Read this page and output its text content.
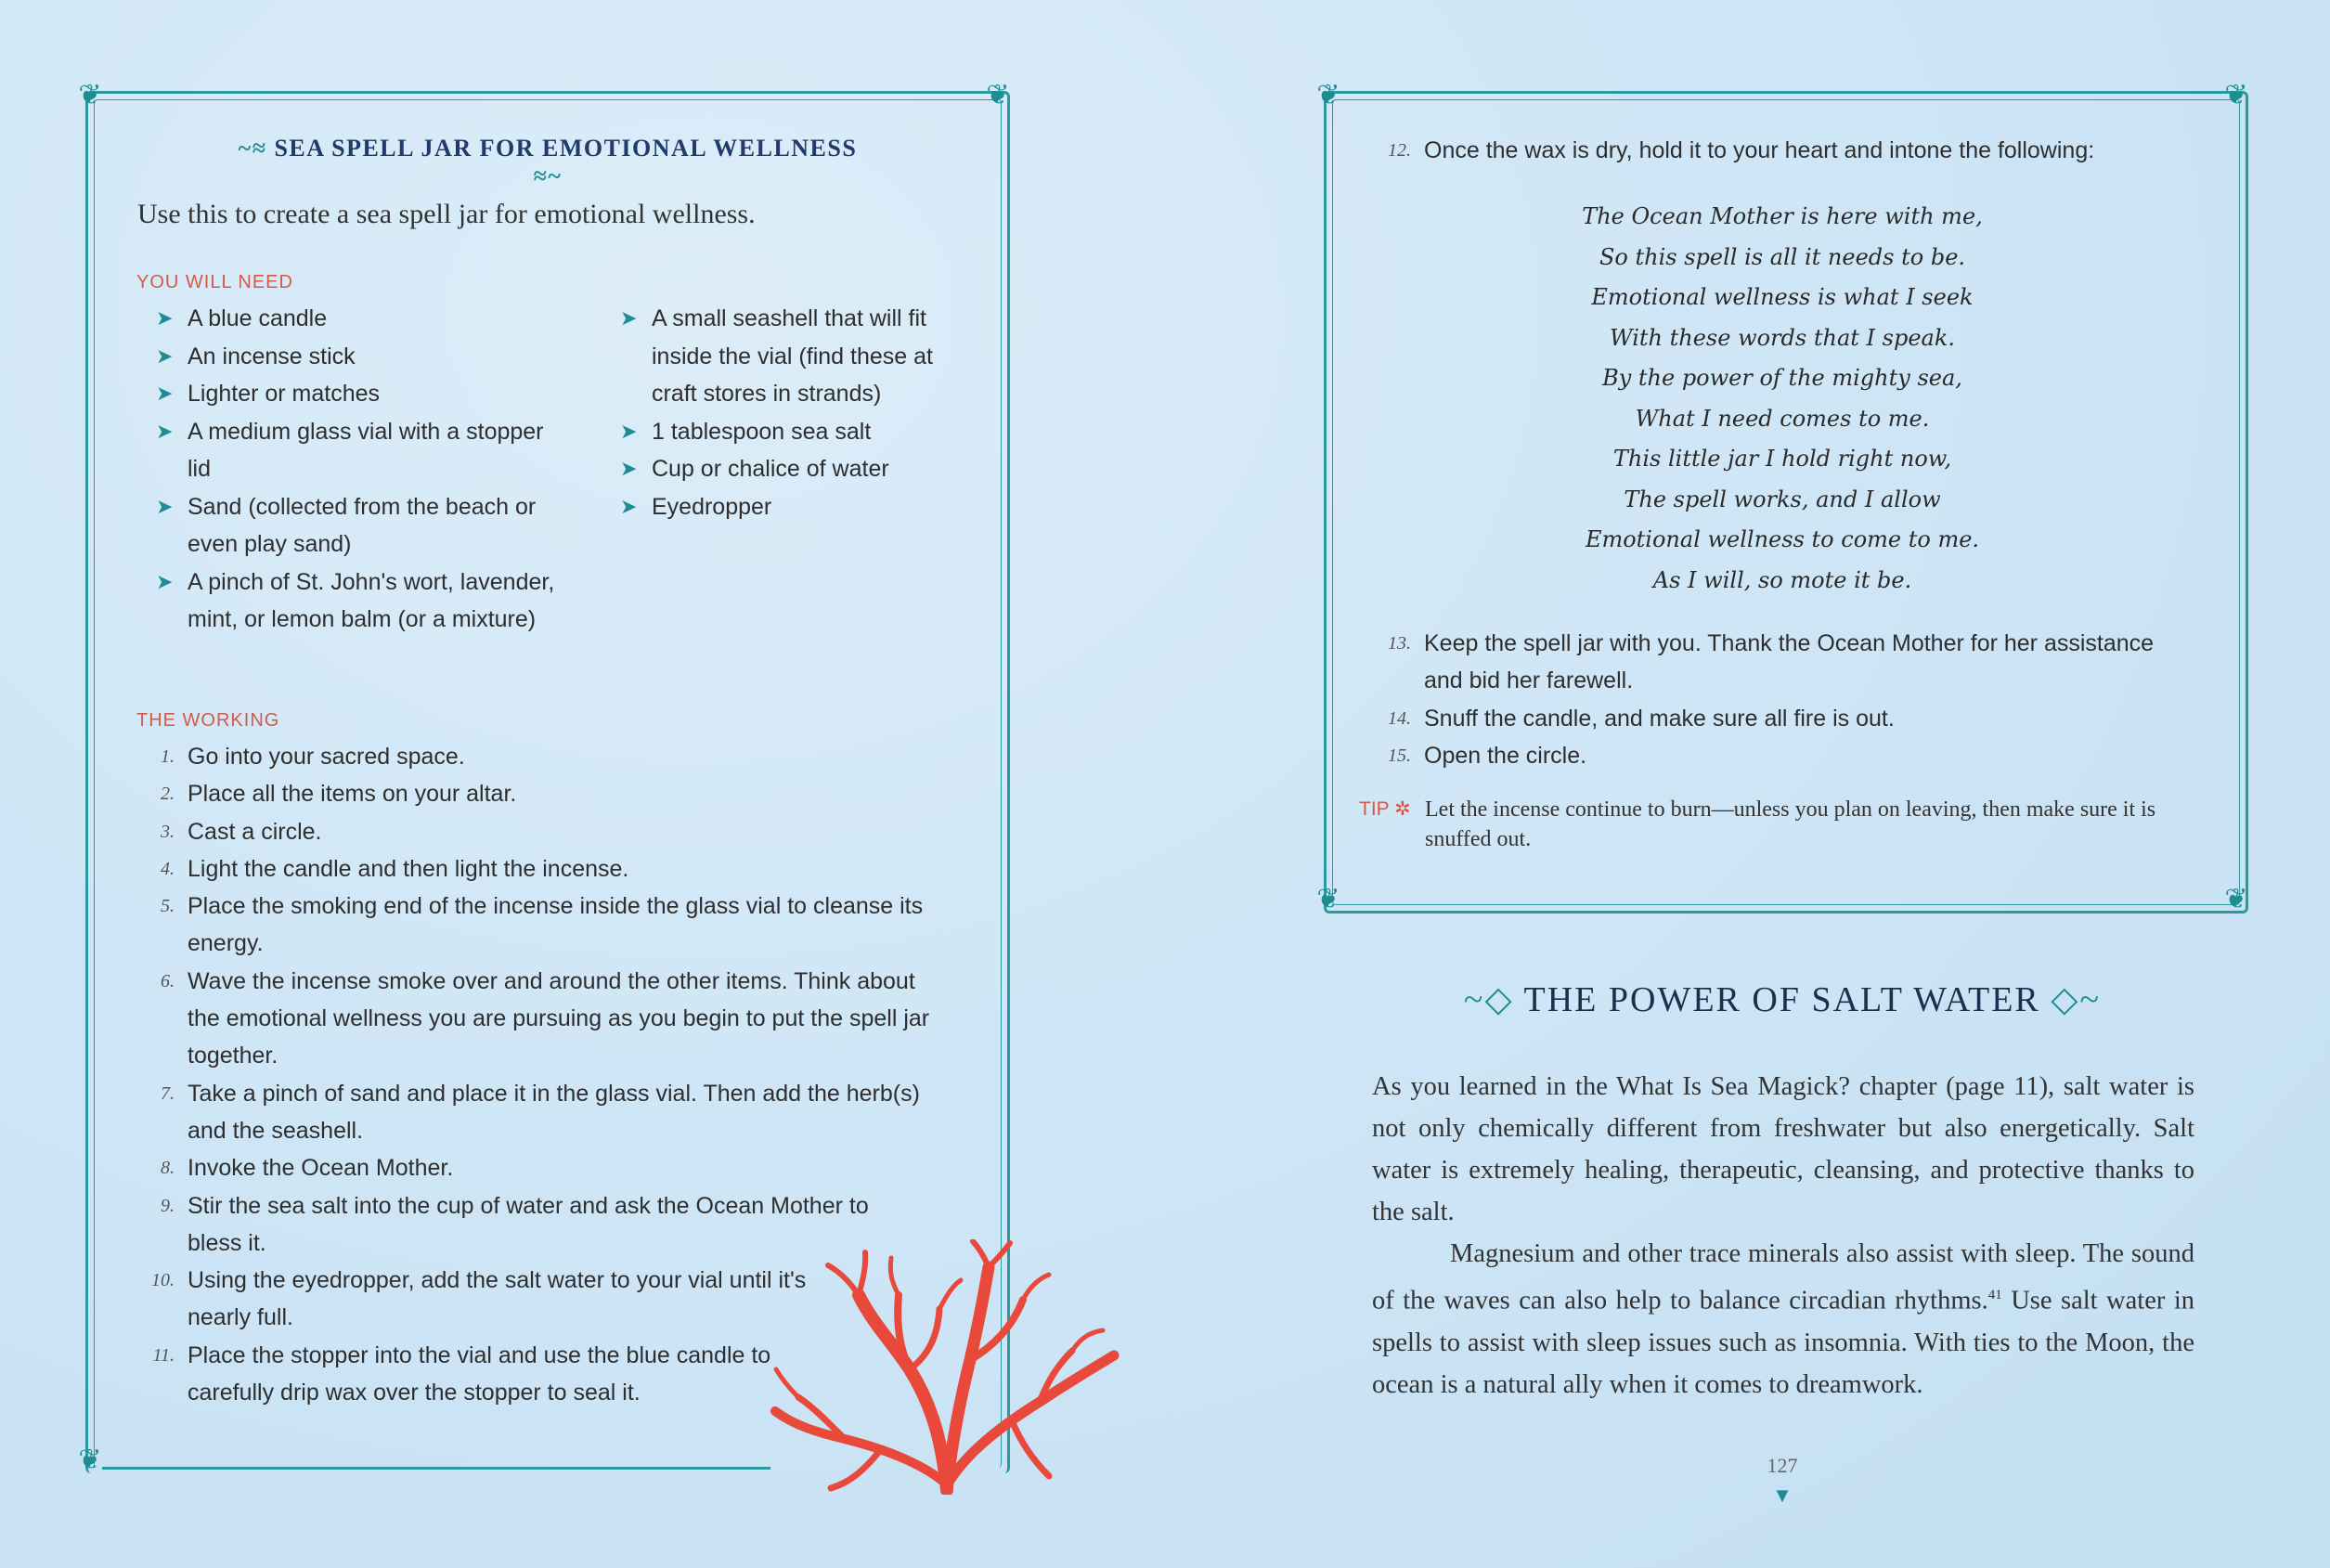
❦	❦
❦
~≈ SEA SPELL JAR FOR EMOTIONAL WELLNESS ≈~
Use this to create a sea spell jar for emotional wellness.
YOU WILL NEED
➤ A blue candle
➤ An incense stick
➤ Lighter or matches
➤ A medium glass vial with a stopper lid
➤ Sand (collected from the beach or even play sand)
➤ A pinch of St. John's wort, lavender, mint, or lemon balm (or a mixture)
➤ A small seashell that will fit inside the vial (find these at craft stores in strands)
➤ 1 tablespoon sea salt
➤ Cup or chalice of water
➤ Eyedropper
THE WORKING
1. Go into your sacred space.
2. Place all the items on your altar.
3. Cast a circle.
4. Light the candle and then light the incense.
5. Place the smoking end of the incense inside the glass vial to cleanse its energy.
6. Wave the incense smoke over and around the other items. Think about the emotional wellness you are pursuing as you begin to put the spell jar together.
7. Take a pinch of sand and place it in the glass vial. Then add the herb(s) and the seashell.
8. Invoke the Ocean Mother.
9. Stir the sea salt into the cup of water and ask the Ocean Mother to bless it.
10. Using the eyedropper, add the salt water to your vial until it's nearly full.
11. Place the stopper into the vial and use the blue candle to carefully drip wax over the stopper to seal it.
❦	❦
❦	❦
12. Once the wax is dry, hold it to your heart and intone the following:
The Ocean Mother is here with me,
So this spell is all it needs to be.
Emotional wellness is what I seek
With these words that I speak.
By the power of the mighty sea,
What I need comes to me.
This little jar I hold right now,
The spell works, and I allow
Emotional wellness to come to me.
As I will, so mote it be.
13. Keep the spell jar with you. Thank the Ocean Mother for her assistance and bid her farewell.
14. Snuff the candle, and make sure all fire is out.
15. Open the circle.
TIP ✲ Let the incense continue to burn—unless you plan on leaving, then make sure it is snuffed out.
~◇ THE POWER OF SALT WATER ◇~

As you learned in the What Is Sea Magick? chapter (page 11), salt water is not only chemically different from freshwater but also energetically. Salt water is extremely healing, therapeutic, cleansing, and protective thanks to the salt.

Magnesium and other trace minerals also assist with sleep. The sound of the waves can also help to balance circadian rhythms.$^{41}$ Use salt water in spells to assist with sleep issues such as insomnia. With ties to the Moon, the ocean is a natural ally when it comes to dreamwork.

127
▼
